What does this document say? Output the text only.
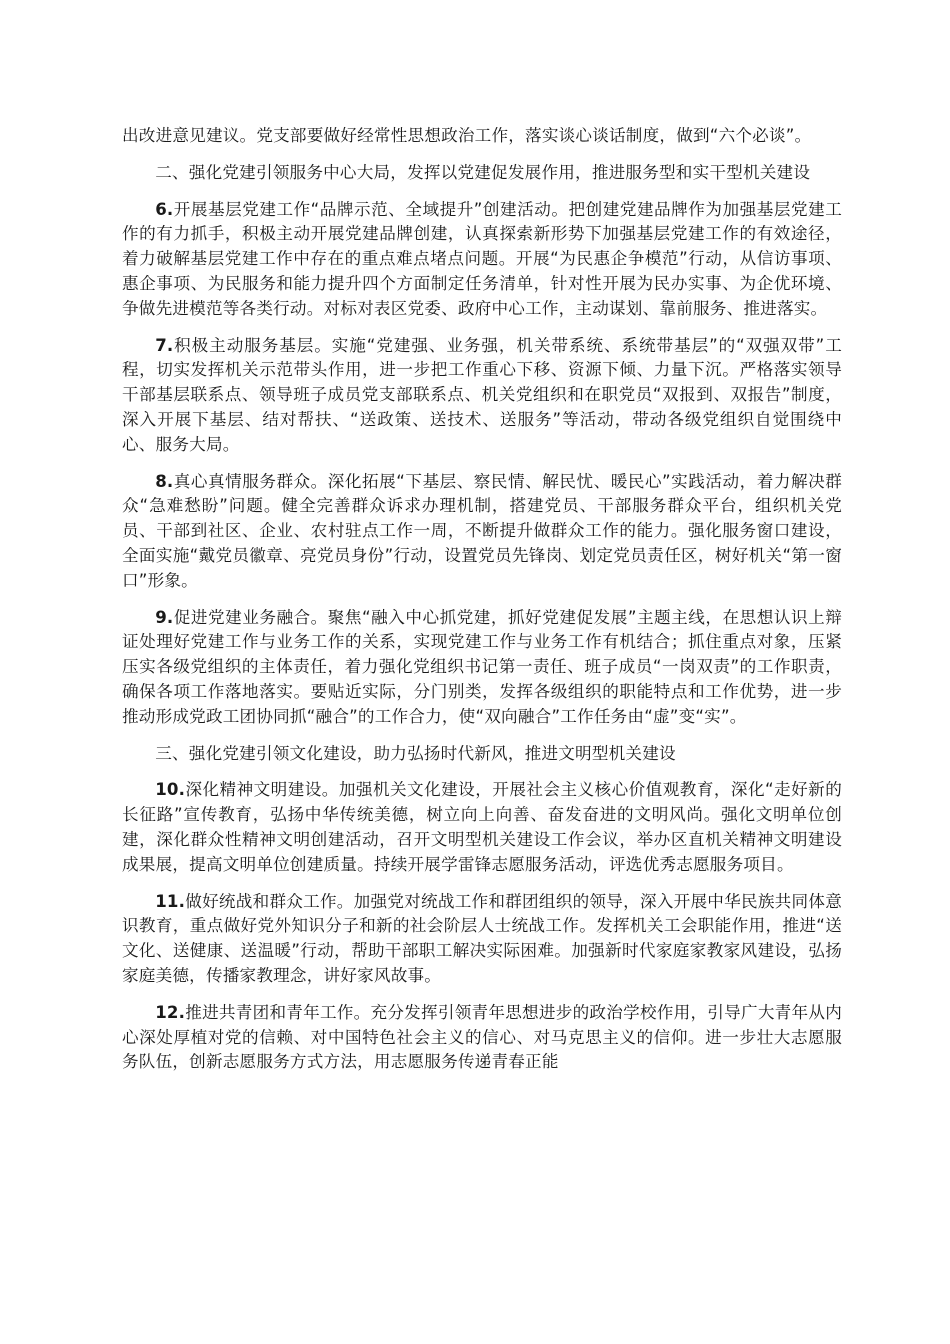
出改进意见建议。党支部要做好经常性思想政治工作，落实谈心谈话制度，做到“六个必谈”。

二、强化党建引领服务中心大局，发挥以党建促发展作用，推进服务型和实干型机关建设

6.开展基层党建工作“品牌示范、全域提升”创建活动。把创建党建品牌作为加强基层党建工作的有力抓手，积极主动开展党建品牌创建，认真探索新形势下加强基层党建工作的有效途径，着力破解基层党建工作中存在的重点难点堵点问题。开展“为民惠企争模范”行动，从信访事项、惠企事项、为民服务和能力提升四个方面制定任务清单，针对性开展为民办实事、为企优环境、争做先进模范等各类行动。对标对表区党委、政府中心工作，主动谋划、靠前服务、推进落实。

7.积极主动服务基层。实施“党建强、业务强，机关带系统、系统带基层”的“双强双带”工程，切实发挥机关示范带头作用，进一步把工作重心下移、资源下倾、力量下沉。严格落实领导干部基层联系点、领导班子成员党支部联系点、机关党组织和在职党员“双报到、双报告”制度，深入开展下基层、结对帮扶、“送政策、送技术、送服务”等活动，带动各级党组织自觉围绕中心、服务大局。

8.真心真情服务群众。深化拓展“下基层、察民情、解民忧、暖民心”实践活动，着力解决群众“急难愁盼”问题。健全完善群众诉求办理机制，搭建党员、干部服务群众平台，组织机关党员、干部到社区、企业、农村驻点工作一周，不断提升做群众工作的能力。强化服务窗口建设，全面实施“戴党员徽章、亮党员身份”行动，设置党员先锋岗、划定党员责任区，树好机关“第一窗口”形象。

9.促进党建业务融合。聚焦“融入中心抓党建，抓好党建促发展”主题主线，在思想认识上辩证处理好党建工作与业务工作的关系，实现党建工作与业务工作有机结合；抓住重点对象，压紧压实各级党组织的主体责任，着力强化党组织书记第一责任、班子成员“一岗双责”的工作职责，确保各项工作落地落实。要贴近实际，分门别类，发挥各级组织的职能特点和工作优势，进一步推动形成党政工团协同抓“融合”的工作合力，使“双向融合”工作任务由“虚”变“实”。

三、强化党建引领文化建设，助力弘扬时代新风，推进文明型机关建设

10.深化精神文明建设。加强机关文化建设，开展社会主义核心价值观教育，深化“走好新的长征路”宣传教育，弘扬中华传统美德，树立向上向善、奋发奋进的文明风尚。强化文明单位创建，深化群众性精神文明创建活动，召开文明型机关建设工作会议，举办区直机关精神文明建设成果展，提高文明单位创建质量。持续开展学雷锋志愿服务活动，评选优秀志愿服务项目。

11.做好统战和群众工作。加强党对统战工作和群团组织的领导，深入开展中华民族共同体意识教育，重点做好党外知识分子和新的社会阶层人士统战工作。发挥机关工会职能作用，推进“送文化、送健康、送温暖”行动，帮助干部职工解决实际困难。加强新时代家庭家教家风建设，弘扬家庭美德，传播家教理念，讲好家风故事。

12.推进共青团和青年工作。充分发挥引领青年思想进步的政治学校作用，引导广大青年从内心深处厚植对党的信赖、对中国特色社会主义的信心、对马克思主义的信仰。进一步壮大志愿服务队伍，创新志愿服务方式方法，用志愿服务传递青春正能
